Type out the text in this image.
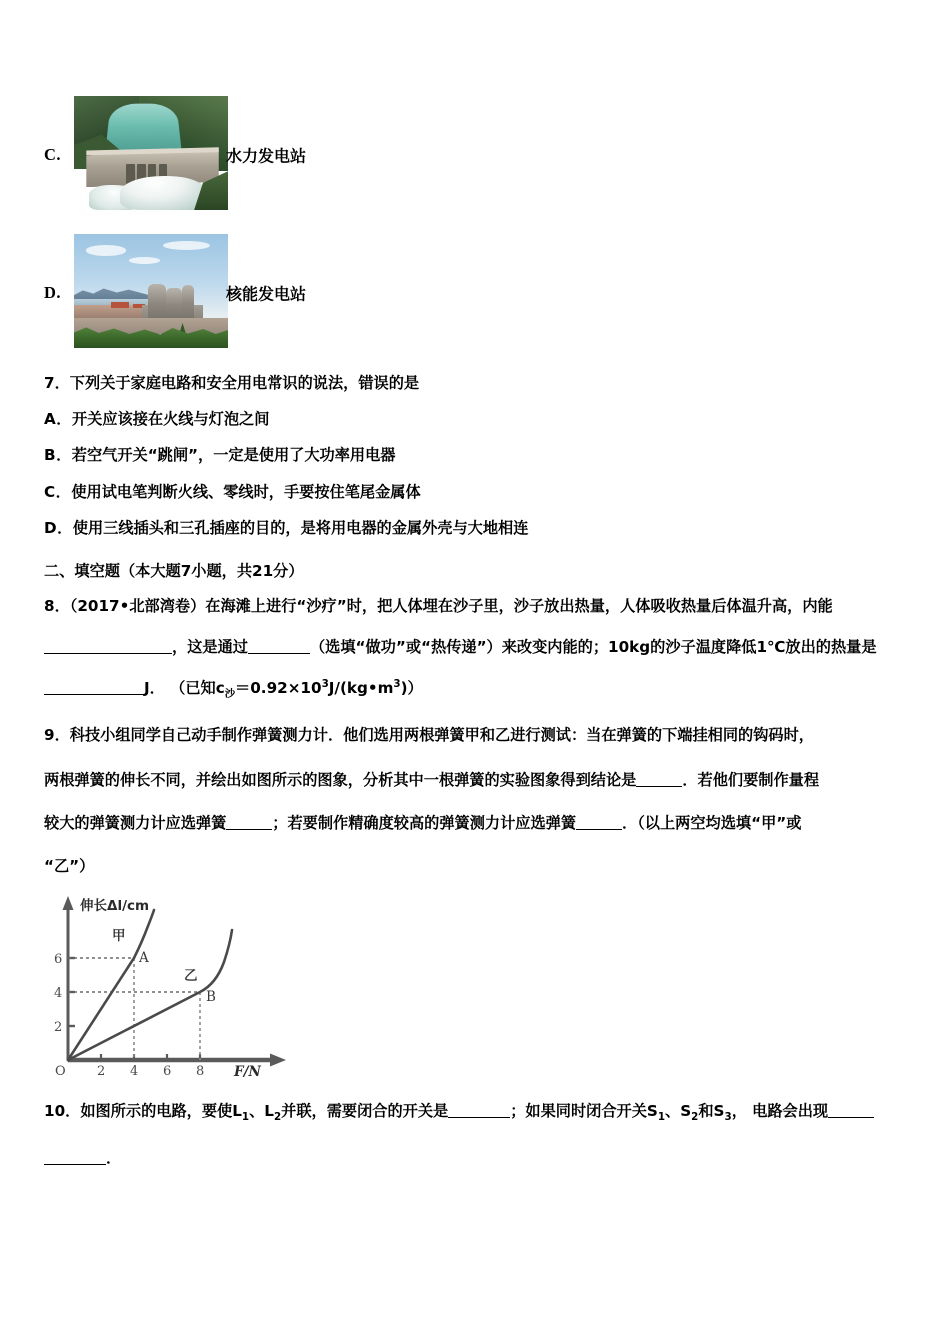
C.	水力发电站
D.	核能发电站
7．下列关于家庭电路和安全用电常识的说法，错误的是
A．开关应该接在火线与灯泡之间
B．若空气开关“跳闸”，一定是使用了大功率用电器
C．使用试电笔判断火线、零线时，手要按住笔尾金属体
D．使用三线插头和三孔插座的目的，是将用电器的金属外壳与大地相连
二、填空题（本大题7小题，共21分）
8．（2017•北部湾卷）在海滩上进行“沙疗”时，把人体埋在沙子里，沙子放出热量，人体吸收热量后体温升高，内能
，这是通过	（选填“做功”或“热传递”）来改变内能的；10kg的沙子温度降低1℃放出的热量是
J． （已知$c_沙=0.92\times 10^3J/(kg•m^3)$）
9．科技小组同学自己动手制作弹簧测力计．他们选用两根弹簧甲和乙进行测试：当在弹簧的下端挂相同的钩码时，
两根弹簧的伸长不同，并绘出如图所示的图象，分析其中一根弹簧的实验图象得到结论是	．若他们要制作量程
较大的弹簧测力计应选弹簧	；若要制作精确度较高的弹簧测力计应选弹簧	．（以上两空均选填“甲”或
“乙”）
伸长Δl/cm
F/N
O
6
4
2
2 4 6 8
甲
乙
A
B
10．如图所示的电路，要使$L_1$、$L_2$并联，需要闭合的开关是	；如果同时闭合开关$S_1$、$S_2$和$S_3$， 电路会出现
．
